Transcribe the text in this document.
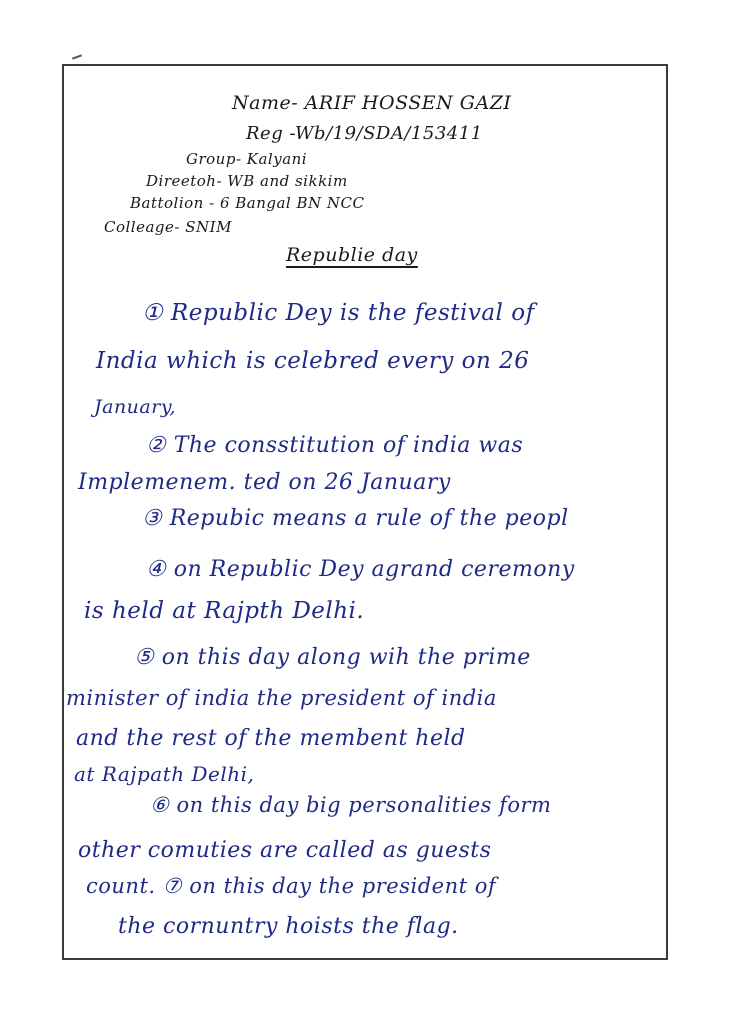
Name- ARIF HOSSEN GAZI
Reg -Wb/19/SDA/153411
Group- Kalyani
Direetoh- WB and sikkim
Battolion - 6 Bangal BN NCC
Colleage- SNIM
Republie day
① Republic Dey is the festival of
India which is celebred every on 26
January,
② The consstitution of india was
Implemenem. ted on 26 January
③ Repubic means a rule of the peopl
④ on Republic Dey agrand ceremony
is held at Rajpth Delhi.
⑤ on this day along wih the prime
minister of india the president of india
and the rest of the membent held
at Rajpath Delhi,
⑥ on this day big personalities form
other comuties are called as guests
count. ⑦ on this day the president of
the cornuntry hoists the flag.
